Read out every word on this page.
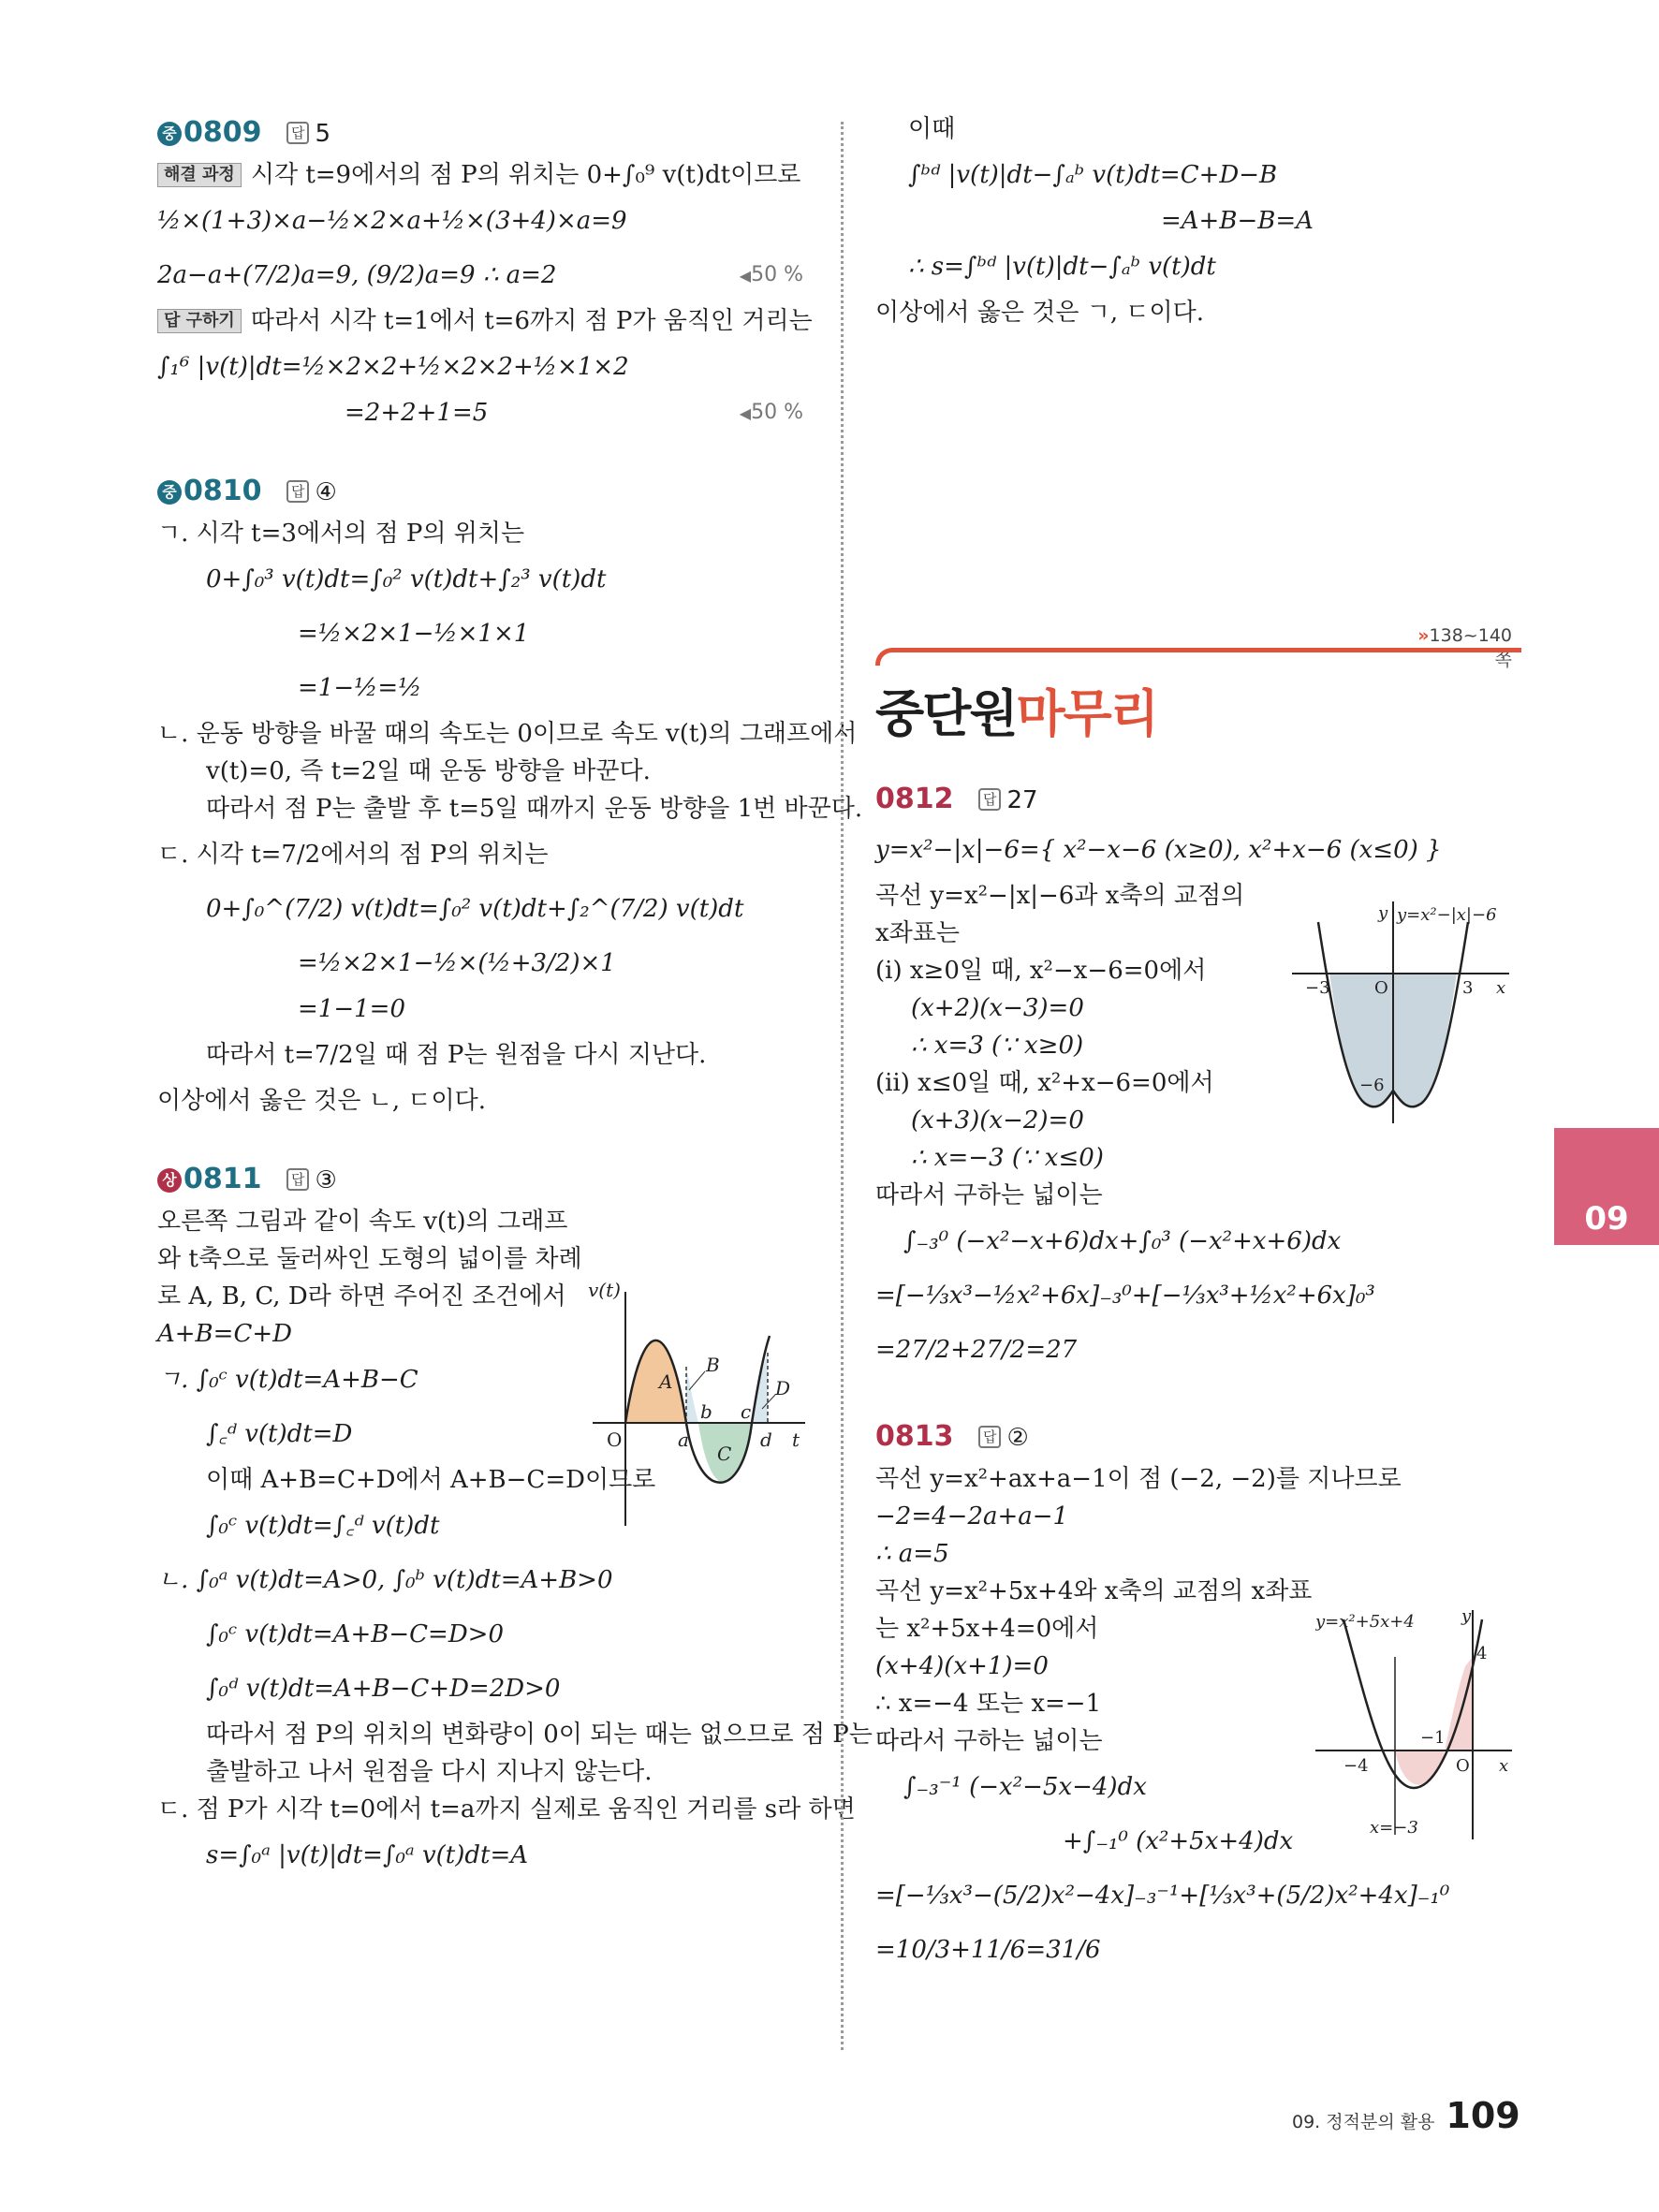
중 0809 답 5
해결 과정 시각 t=9에서의 점 P의 위치는 0+∫₀⁹ v(t)dt이므로
½×(1+3)×a−½×2×a+½×(3+4)×a=9
2a−a+(7/2)a=9, (9/2)a=9 ∴ a=2	◀ 50 %
답 구하기 따라서 시각 t=1에서 t=6까지 점 P가 움직인 거리는
∫₁⁶ |v(t)|dt=½×2×2+½×2×2+½×1×2
=2+2+1=5	◀ 50 %
중 0810 답 ④
ㄱ. 시각 t=3에서의 점 P의 위치는
0+∫₀³ v(t)dt=∫₀² v(t)dt+∫₂³ v(t)dt
=½×2×1−½×1×1
=1−½=½
ㄴ. 운동 방향을 바꿀 때의 속도는 0이므로 속도 v(t)의 그래프에서
v(t)=0, 즉 t=2일 때 운동 방향을 바꾼다.
따라서 점 P는 출발 후 t=5일 때까지 운동 방향을 1번 바꾼다.
ㄷ. 시각 t=7/2에서의 점 P의 위치는
0+∫₀^(7/2) v(t)dt=∫₀² v(t)dt+∫₂^(7/2) v(t)dt
=½×2×1−½×(½+3/2)×1
=1−1=0
따라서 t=7/2일 때 점 P는 원점을 다시 지난다.
이상에서 옳은 것은 ㄴ, ㄷ이다.
상 0811 답 ③
오른쪽 그림과 같이 속도 v(t)의 그래프
와 t축으로 둘러싸인 도형의 넓이를 차례
로 A, B, C, D라 하면 주어진 조건에서
A+B=C+D
ㄱ. ∫₀ᶜ v(t)dt=A+B−C
∫꜀ᵈ v(t)dt=D
이때 A+B=C+D에서 A+B−C=D이므로
∫₀ᶜ v(t)dt=∫꜀ᵈ v(t)dt
ㄴ. ∫₀ᵃ v(t)dt=A>0, ∫₀ᵇ v(t)dt=A+B>0
∫₀ᶜ v(t)dt=A+B−C=D>0
∫₀ᵈ v(t)dt=A+B−C+D=2D>0
따라서 점 P의 위치의 변화량이 0이 되는 때는 없으므로 점 P는
출발하고 나서 원점을 다시 지나지 않는다.
ㄷ. 점 P가 시각 t=0에서 t=a까지 실제로 움직인 거리를 s라 하면
s=∫₀ᵃ |v(t)|dt=∫₀ᵃ v(t)dt=A
v(t)
t
O	a
b c
d
A
B
C
D
이때
∫ᵇᵈ |v(t)|dt−∫ₐᵇ v(t)dt=C+D−B
=A+B−B=A
∴ s=∫ᵇᵈ |v(t)|dt−∫ₐᵇ v(t)dt
이상에서 옳은 것은 ㄱ, ㄷ이다.
» 138~140쪽
중단원마무리
0812 답 27
y=x²−|x|−6={ x²−x−6 (x≥0), x²+x−6 (x≤0) }
곡선 y=x²−|x|−6과 x축의 교점의
x좌표는
(ⅰ) x≥0일 때, x²−x−6=0에서
(x+2)(x−3)=0
∴ x=3 (∵ x≥0)
(ⅱ) x≤0일 때, x²+x−6=0에서
(x+3)(x−2)=0
∴ x=−3 (∵ x≤0)
따라서 구하는 넓이는
∫₋₃⁰ (−x²−x+6)dx+∫₀³ (−x²+x+6)dx
=[−⅓x³−½x²+6x]₋₃⁰+[−⅓x³+½x²+6x]₀³
=27/2+27/2=27
0813 답 ②
곡선 y=x²+ax+a−1이 점 (−2, −2)를 지나므로
−2=4−2a+a−1
∴ a=5
곡선 y=x²+5x+4와 x축의 교점의 x좌표
는 x²+5x+4=0에서
(x+4)(x+1)=0
∴ x=−4 또는 x=−1
따라서 구하는 넓이는
∫₋₃⁻¹ (−x²−5x−4)dx
+∫₋₁⁰ (x²+5x+4)dx
=[−⅓x³−(5/2)x²−4x]₋₃⁻¹+[⅓x³+(5/2)x²+4x]₋₁⁰
=10/3+11/6=31/6
y=x²−|x|−6
y
x
O
−3	3
−6
y=x²+5x+4	y
x
O
−4
−1
4
x=−3
09
09. 정적분의 활용 109
